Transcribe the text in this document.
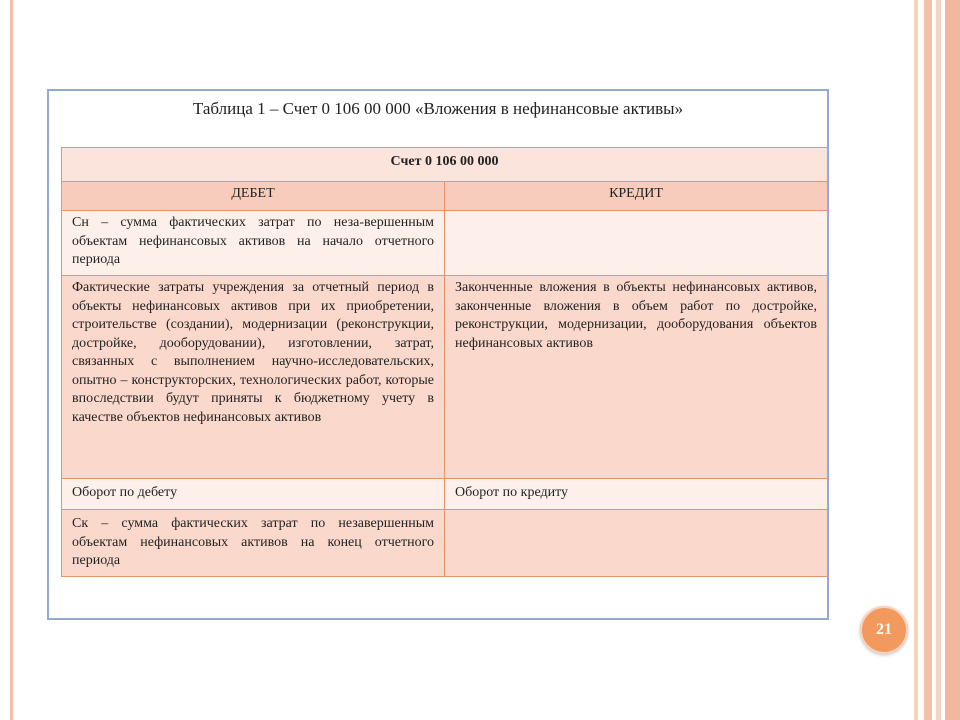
Таблица 1 – Счет 0 106 00 000 «Вложения в нефинансовые активы»
Счет 0 106 00 000	
ДЕБЕТ	КРЕДИТ
Сн – сумма фактических затрат по неза-вершенным объектам нефинансовых активов на начало отчетного периода	
Фактические затраты учреждения за отчетный период в объекты нефинансовых активов при их приобретении, строительстве (создании), модернизации (реконструкции, достройке, дооборудовании), изготовлении, затрат, связанных с выполнением научно-исследовательских, опытно – конструкторских, технологических работ, которые впоследствии будут приняты к бюджетному учету в качестве объектов нефинансовых активов	Законченные вложения в объекты нефинансовых активов, законченные вложения в объем работ по достройке, реконструкции, модернизации, дооборудования объектов нефинансовых активов
Оборот по дебету	Оборот по кредиту
Ск – сумма фактических затрат по незавершенным объектам нефинансовых активов на конец отчетного периода	
21
